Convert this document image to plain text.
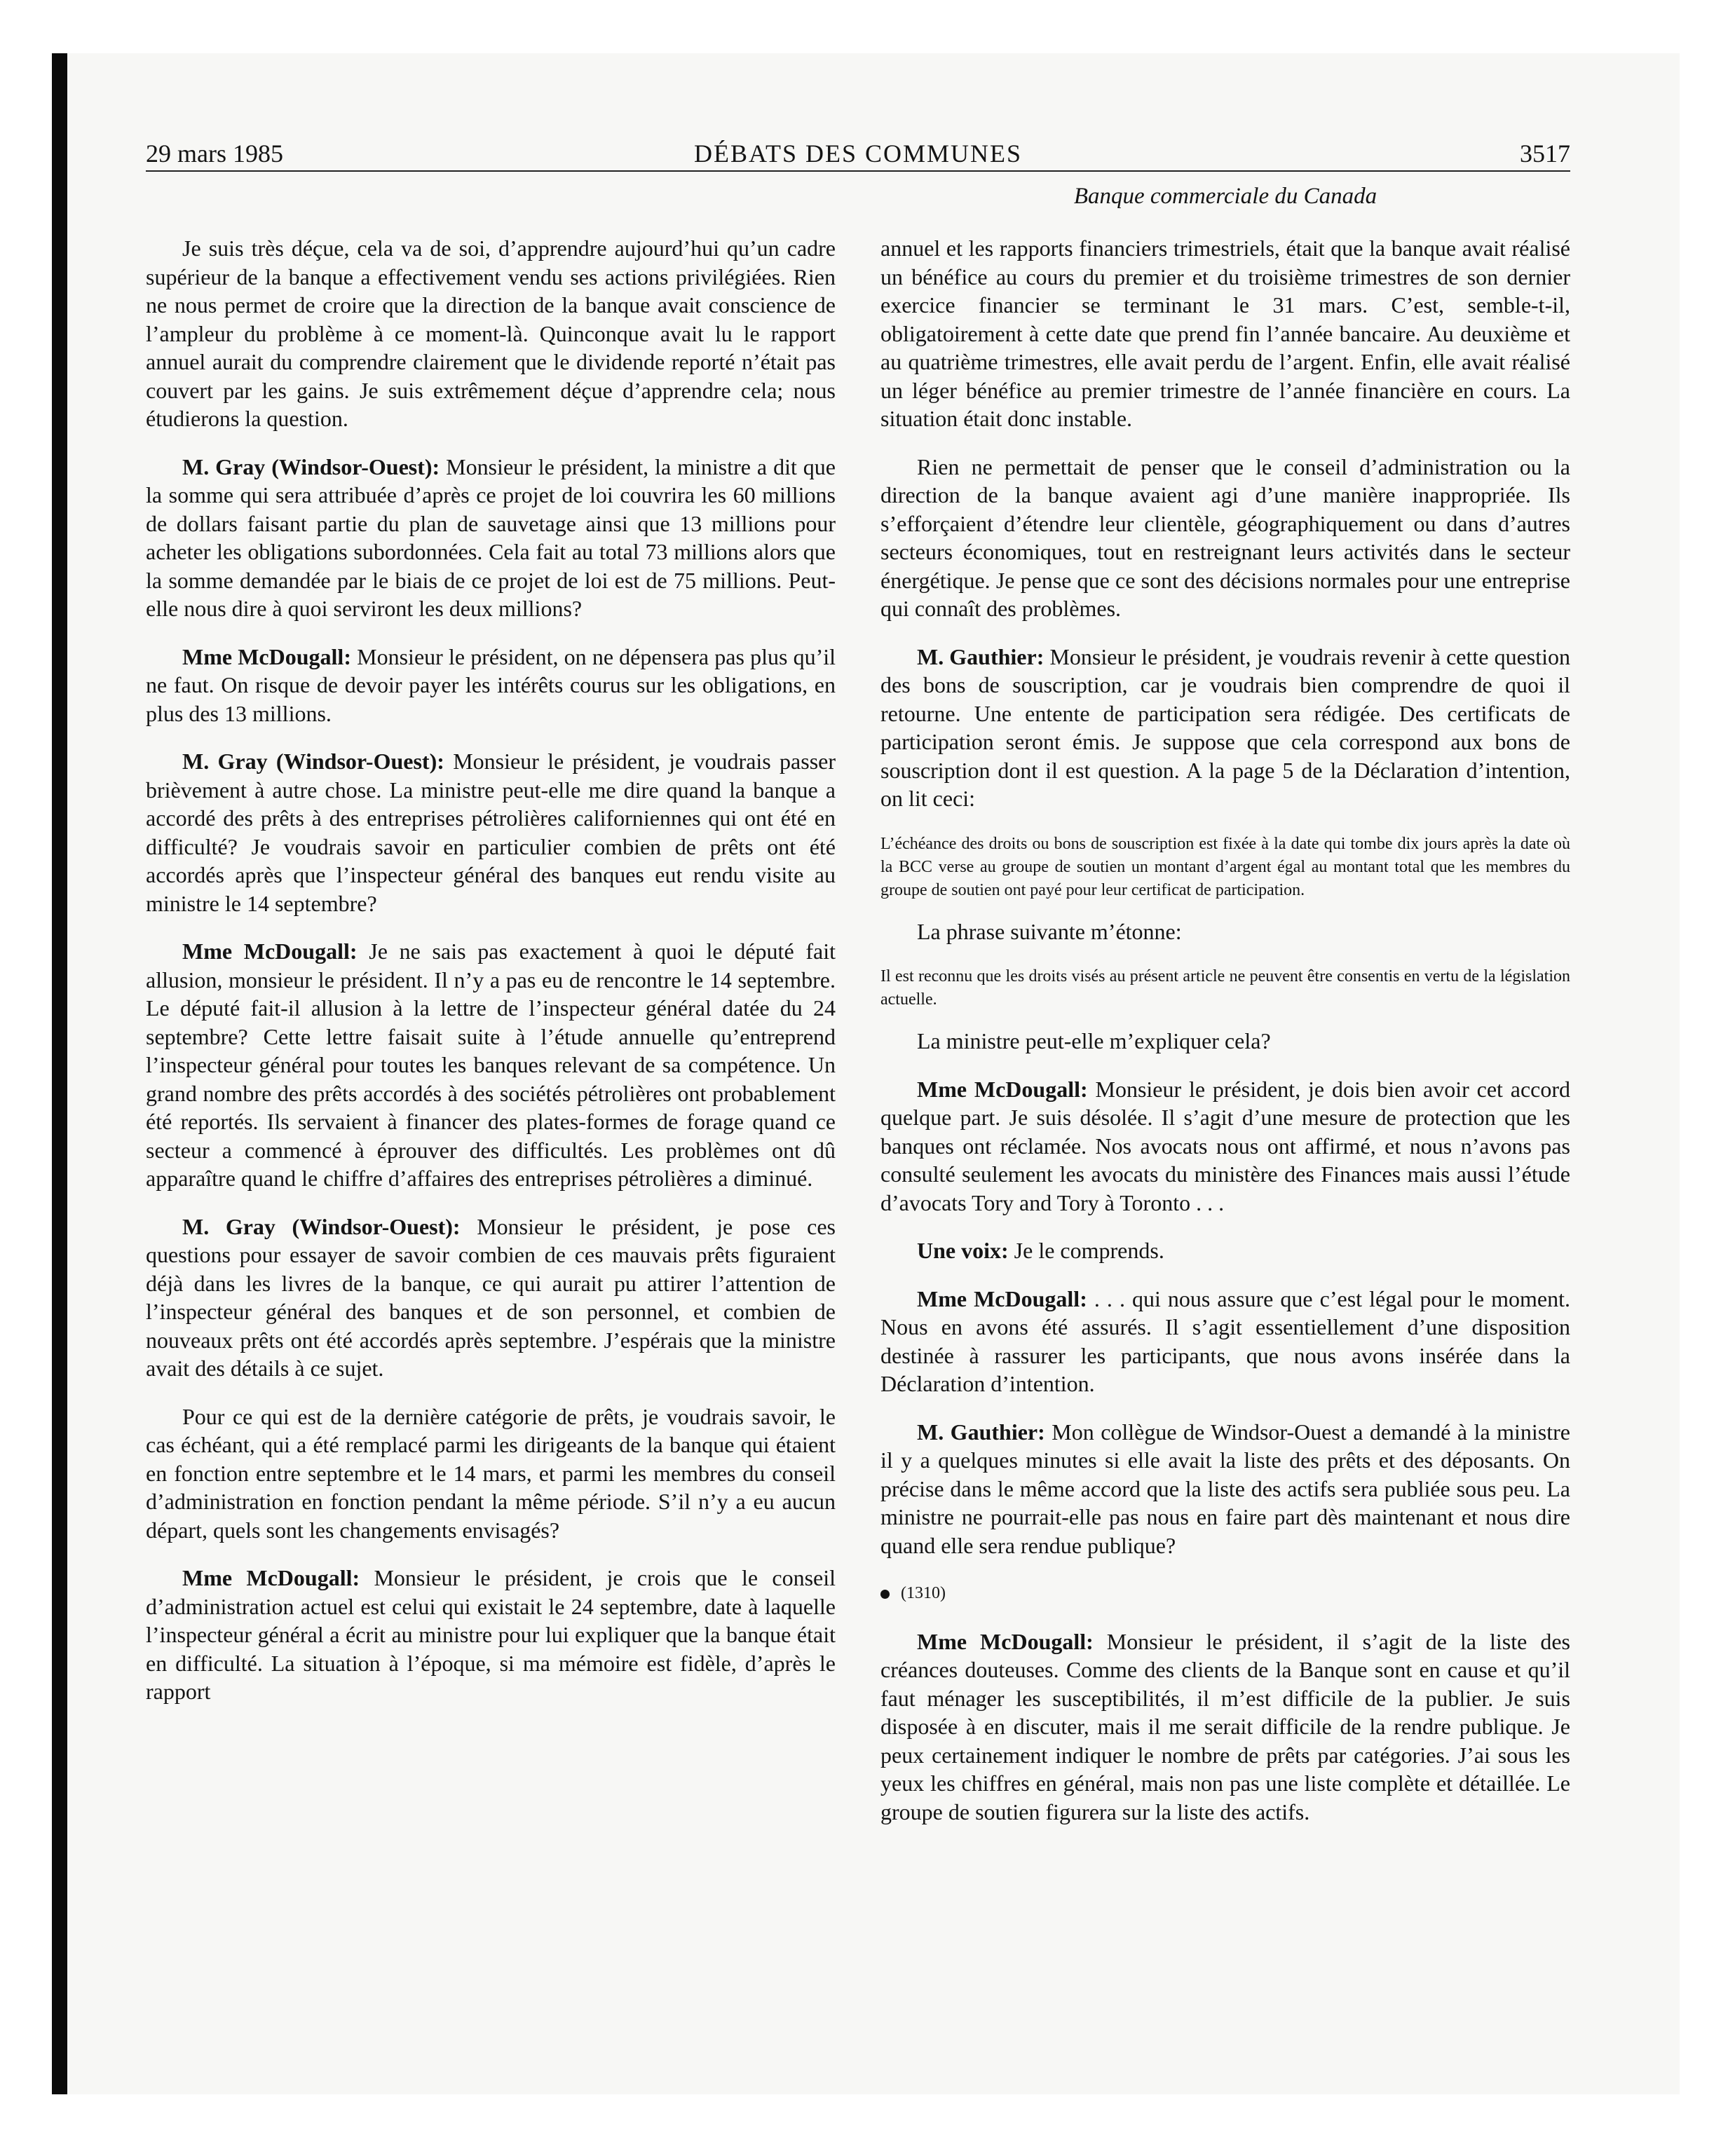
29 mars 1985	DÉBATS DES COMMUNES	3517
Banque commerciale du Canada

Je suis très déçue, cela va de soi, d’apprendre aujourd’hui qu’un cadre supérieur de la banque a effectivement vendu ses actions privilégiées. Rien ne nous permet de croire que la direction de la banque avait conscience de l’ampleur du problème à ce moment-là. Quinconque avait lu le rapport annuel aurait du comprendre clairement que le dividende reporté n’était pas couvert par les gains. Je suis extrêmement déçue d’apprendre cela; nous étudierons la question.

M. Gray (Windsor-Ouest): Monsieur le président, la ministre a dit que la somme qui sera attribuée d’après ce projet de loi couvrira les 60 millions de dollars faisant partie du plan de sauvetage ainsi que 13 millions pour acheter les obligations subordonnées. Cela fait au total 73 millions alors que la somme demandée par le biais de ce projet de loi est de 75 millions. Peut-elle nous dire à quoi serviront les deux millions?

Mme McDougall: Monsieur le président, on ne dépensera pas plus qu’il ne faut. On risque de devoir payer les intérêts courus sur les obligations, en plus des 13 millions.

M. Gray (Windsor-Ouest): Monsieur le président, je voudrais passer brièvement à autre chose. La ministre peut-elle me dire quand la banque a accordé des prêts à des entreprises pétrolières californiennes qui ont été en difficulté? Je voudrais savoir en particulier combien de prêts ont été accordés après que l’inspecteur général des banques eut rendu visite au ministre le 14 septembre?

Mme McDougall: Je ne sais pas exactement à quoi le député fait allusion, monsieur le président. Il n’y a pas eu de rencontre le 14 septembre. Le député fait-il allusion à la lettre de l’inspecteur général datée du 24 septembre? Cette lettre faisait suite à l’étude annuelle qu’entreprend l’inspecteur général pour toutes les banques relevant de sa compétence. Un grand nombre des prêts accordés à des sociétés pétrolières ont probablement été reportés. Ils servaient à financer des plates-formes de forage quand ce secteur a commencé à éprouver des difficultés. Les problèmes ont dû apparaître quand le chiffre d’affaires des entreprises pétrolières a diminué.

M. Gray (Windsor-Ouest): Monsieur le président, je pose ces questions pour essayer de savoir combien de ces mauvais prêts figuraient déjà dans les livres de la banque, ce qui aurait pu attirer l’attention de l’inspecteur général des banques et de son personnel, et combien de nouveaux prêts ont été accordés après septembre. J’espérais que la ministre avait des détails à ce sujet.

Pour ce qui est de la dernière catégorie de prêts, je voudrais savoir, le cas échéant, qui a été remplacé parmi les dirigeants de la banque qui étaient en fonction entre septembre et le 14 mars, et parmi les membres du conseil d’administration en fonction pendant la même période. S’il n’y a eu aucun départ, quels sont les changements envisagés?

Mme McDougall: Monsieur le président, je crois que le conseil d’administration actuel est celui qui existait le 24 septembre, date à laquelle l’inspecteur général a écrit au ministre pour lui expliquer que la banque était en difficulté. La situation à l’époque, si ma mémoire est fidèle, d’après le rapport

annuel et les rapports financiers trimestriels, était que la banque avait réalisé un bénéfice au cours du premier et du troisième trimestres de son dernier exercice financier se terminant le 31 mars. C’est, semble-t-il, obligatoirement à cette date que prend fin l’année bancaire. Au deuxième et au quatrième trimestres, elle avait perdu de l’argent. Enfin, elle avait réalisé un léger bénéfice au premier trimestre de l’année financière en cours. La situation était donc instable.

Rien ne permettait de penser que le conseil d’administration ou la direction de la banque avaient agi d’une manière inappropriée. Ils s’efforçaient d’étendre leur clientèle, géographiquement ou dans d’autres secteurs économiques, tout en restreignant leurs activités dans le secteur énergétique. Je pense que ce sont des décisions normales pour une entreprise qui connaît des problèmes.

M. Gauthier: Monsieur le président, je voudrais revenir à cette question des bons de souscription, car je voudrais bien comprendre de quoi il retourne. Une entente de participation sera rédigée. Des certificats de participation seront émis. Je suppose que cela correspond aux bons de souscription dont il est question. A la page 5 de la Déclaration d’intention, on lit ceci:

L’échéance des droits ou bons de souscription est fixée à la date qui tombe dix jours après la date où la BCC verse au groupe de soutien un montant d’argent égal au montant total que les membres du groupe de soutien ont payé pour leur certificat de participation.

La phrase suivante m’étonne:

Il est reconnu que les droits visés au présent article ne peuvent être consentis en vertu de la législation actuelle.

La ministre peut-elle m’expliquer cela?

Mme McDougall: Monsieur le président, je dois bien avoir cet accord quelque part. Je suis désolée. Il s’agit d’une mesure de protection que les banques ont réclamée. Nos avocats nous ont affirmé, et nous n’avons pas consulté seulement les avocats du ministère des Finances mais aussi l’étude d’avocats Tory and Tory à Toronto . . .

Une voix: Je le comprends.

Mme McDougall: . . . qui nous assure que c’est légal pour le moment. Nous en avons été assurés. Il s’agit essentiellement d’une disposition destinée à rassurer les participants, que nous avons insérée dans la Déclaration d’intention.

M. Gauthier: Mon collègue de Windsor-Ouest a demandé à la ministre il y a quelques minutes si elle avait la liste des prêts et des déposants. On précise dans le même accord que la liste des actifs sera publiée sous peu. La ministre ne pourrait-elle pas nous en faire part dès maintenant et nous dire quand elle sera rendue publique?

(1310)

Mme McDougall: Monsieur le président, il s’agit de la liste des créances douteuses. Comme des clients de la Banque sont en cause et qu’il faut ménager les susceptibilités, il m’est difficile de la publier. Je suis disposée à en discuter, mais il me serait difficile de la rendre publique. Je peux certainement indiquer le nombre de prêts par catégories. J’ai sous les yeux les chiffres en général, mais non pas une liste complète et détaillée. Le groupe de soutien figurera sur la liste des actifs.
